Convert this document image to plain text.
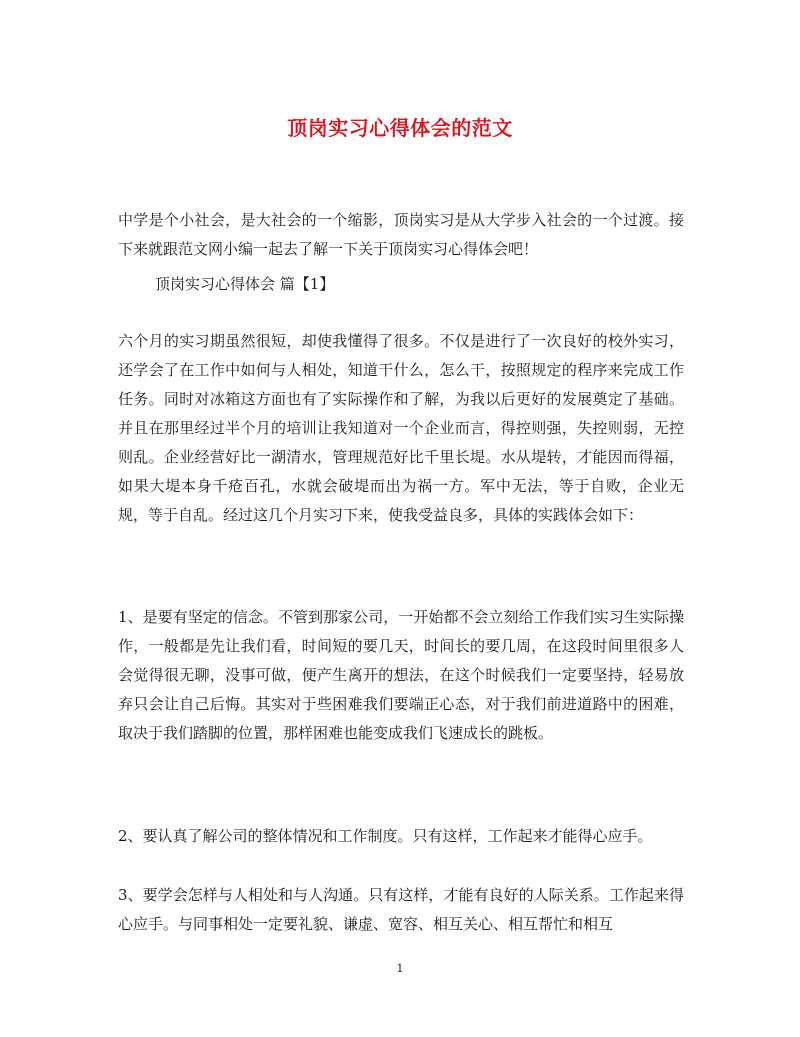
顶岗实习心得体会的范文
中学是个小社会，是大社会的一个缩影，顶岗实习是从大学步入社会的一个过渡。接下来就跟范文网小编一起去了解一下关于顶岗实习心得体会吧！
顶岗实习心得体会 篇【1】
六个月的实习期虽然很短，却使我懂得了很多。不仅是进行了一次良好的校外实习，还学会了在工作中如何与人相处，知道干什么，怎么干，按照规定的程序来完成工作任务。同时对冰箱这方面也有了实际操作和了解，为我以后更好的发展奠定了基础。并且在那里经过半个月的培训让我知道对一个企业而言，得控则强，失控则弱，无控则乱。企业经营好比一湖清水，管理规范好比千里长堤。水从堤转，才能因而得福，如果大堤本身千疮百孔，水就会破堤而出为祸一方。军中无法，等于自败，企业无规，等于自乱。经过这几个月实习下来，使我受益良多，具体的实践体会如下：
1、是要有坚定的信念。不管到那家公司，一开始都不会立刻给工作我们实习生实际操作，一般都是先让我们看，时间短的要几天，时间长的要几周，在这段时间里很多人会觉得很无聊，没事可做，便产生离开的想法，在这个时候我们一定要坚持，轻易放弃只会让自己后悔。其实对于些困难我们要端正心态，对于我们前进道路中的困难，取决于我们踏脚的位置，那样困难也能变成我们飞速成长的跳板。
2、要认真了解公司的整体情况和工作制度。只有这样，工作起来才能得心应手。
3、要学会怎样与人相处和与人沟通。只有这样，才能有良好的人际关系。工作起来得心应手。与同事相处一定要礼貌、谦虚、宽容、相互关心、相互帮忙和相互
1
